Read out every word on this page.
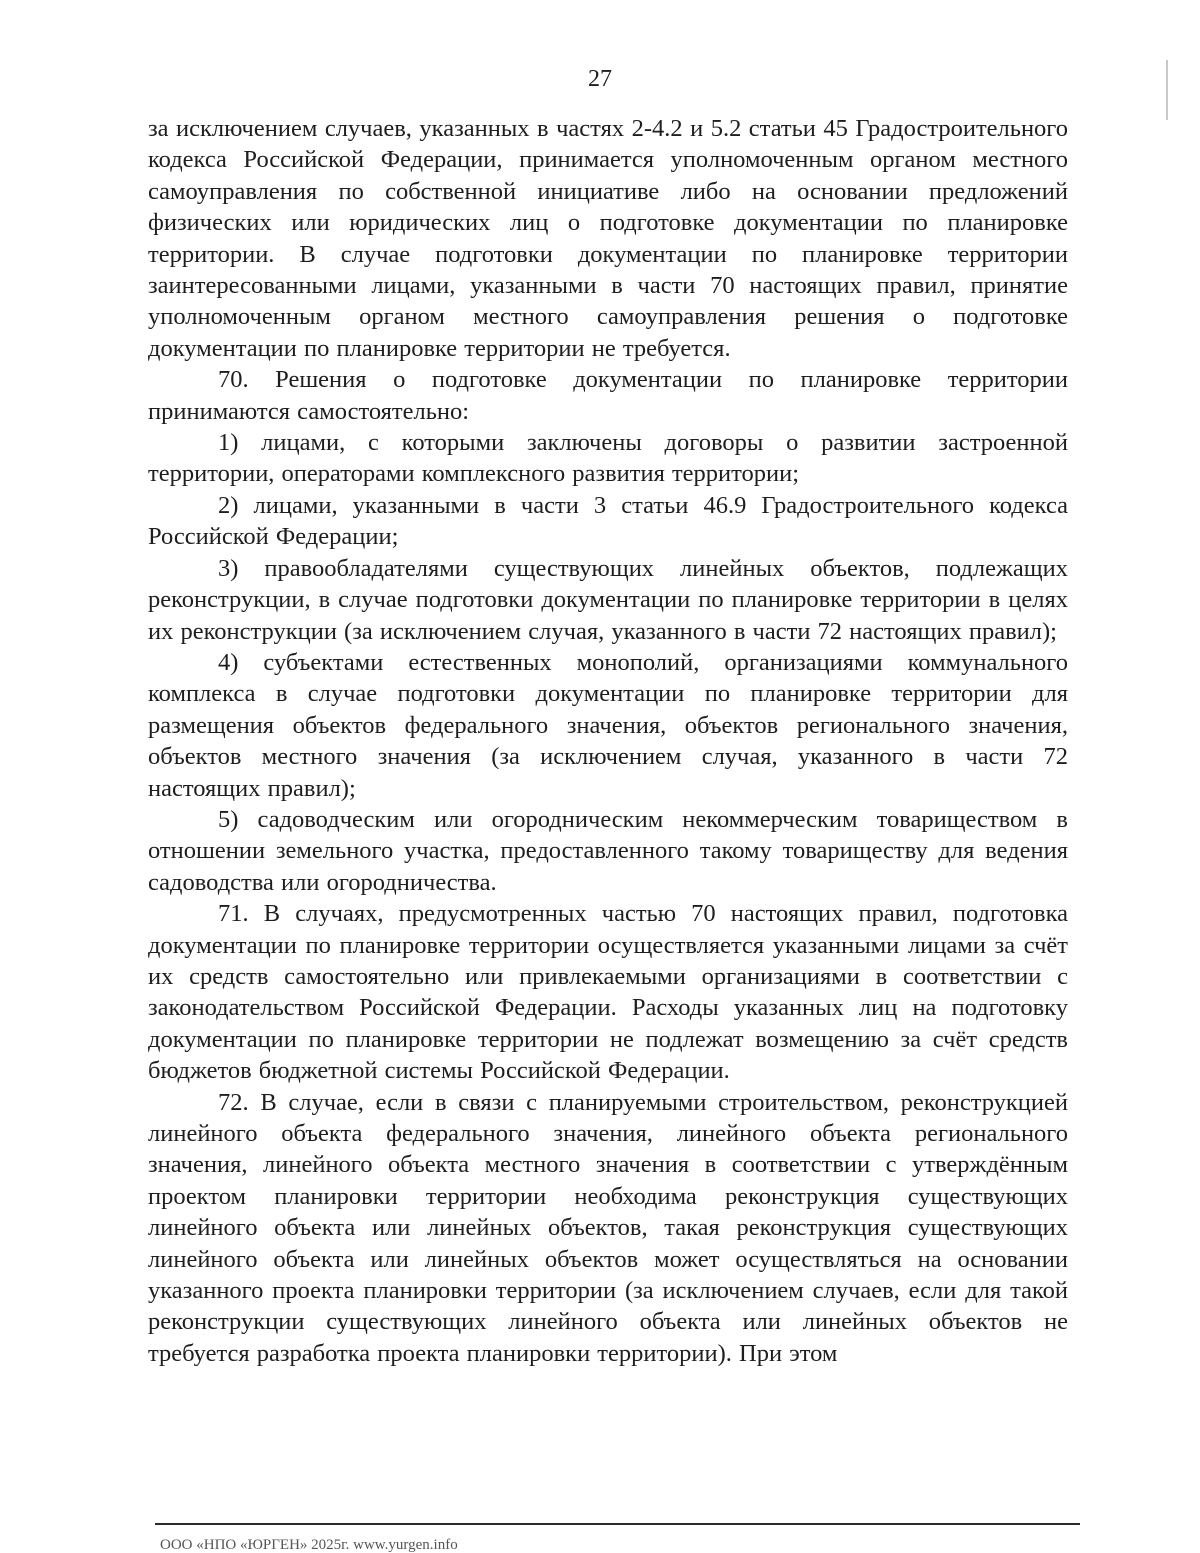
27

за исключением случаев, указанных в частях 2-4.2 и 5.2 статьи 45 Градостроительного кодекса Российской Федерации, принимается уполномоченным органом местного самоуправления по собственной инициативе либо на основании предложений физических или юридических лиц о подготовке документации по планировке территории. В случае подготовки документации по планировке территории заинтересованными лицами, указанными в части 70 настоящих правил, принятие уполномоченным органом местного самоуправления решения о подготовке документации по планировке территории не требуется.

70. Решения о подготовке документации по планировке территории принимаются самостоятельно:

1) лицами, с которыми заключены договоры о развитии застроенной территории, операторами комплексного развития территории;

2) лицами, указанными в части 3 статьи 46.9 Градостроительного кодекса Российской Федерации;

3) правообладателями существующих линейных объектов, подлежащих реконструкции, в случае подготовки документации по планировке территории в целях их реконструкции (за исключением случая, указанного в части 72 настоящих правил);

4) субъектами естественных монополий, организациями коммунального комплекса в случае подготовки документации по планировке территории для размещения объектов федерального значения, объектов регионального значения, объектов местного значения (за исключением случая, указанного в части 72 настоящих правил);

5) садоводческим или огородническим некоммерческим товариществом в отношении земельного участка, предоставленного такому товариществу для ведения садоводства или огородничества.

71. В случаях, предусмотренных частью 70 настоящих правил, подготовка документации по планировке территории осуществляется указанными лицами за счёт их средств самостоятельно или привлекаемыми организациями в соответствии с законодательством Российской Федерации. Расходы указанных лиц на подготовку документации по планировке территории не подлежат возмещению за счёт средств бюджетов бюджетной системы Российской Федерации.

72. В случае, если в связи с планируемыми строительством, реконструкцией линейного объекта федерального значения, линейного объекта регионального значения, линейного объекта местного значения в соответствии с утверждённым проектом планировки территории необходима реконструкция существующих линейного объекта или линейных объектов, такая реконструкция существующих линейного объекта или линейных объектов может осуществляться на основании указанного проекта планировки территории (за исключением случаев, если для такой реконструкции существующих линейного объекта или линейных объектов не требуется разработка проекта планировки территории). При этом

ООО «НПО «ЮРГЕН» 2025г. www.yurgen.info
